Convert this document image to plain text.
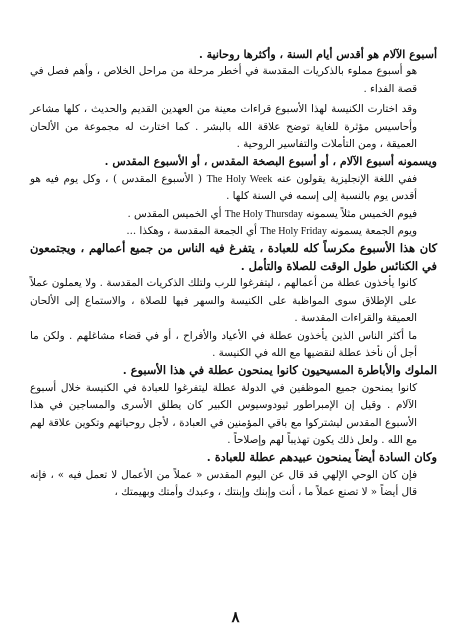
أسبوع الآلام هو أقدس أيام السنة ، وأكثرها روحانية .

هو أسبوع مملوء بالذكريات المقدسة في أخطر مرحلة من مراحل الخلاص ، وأهم فصل في قصة الفداء .

وقد اختارت الكنيسة لهذا الأسبوع قراءات معينة من العهدين القديم والحديث ، كلها مشاعر وأحاسيس مؤثرة للغاية توضح علاقة الله بالبشر . كما اختارت له مجموعة من الألحان العميقة ، ومن التأملات والتفاسير الروحية .

ويسمونه أسبوع الآلام ، أو أسبوع البصخة المقدس ، أو الأسبوع المقدس .

ففي اللغة الإنجليزية يقولون عنه The Holy Week ( الأسبوع المقدس ) ، وكل يوم فيه هو أقدس يوم بالنسبة إلى إسمه في السنة كلها .

فيوم الخميس مثلاً يسمونه The Holy Thursday أي الخميس المقدس .
ويوم الجمعة يسمونه The Holy Friday أي الجمعة المقدسة ، وهكذا ...

كان هذا الأسبوع مكرساً كله للعبادة ، يتفرغ فيه الناس من جميع أعمالهم ، ويجتمعون في الكنائس طول الوقت للصلاة والتأمل .

كانوا يأخذون عطلة من أعمالهم ، ليتفرغوا للرب ولتلك الذكريات المقدسة . ولا يعملون عملاً على الإطلاق سوى المواظبة على الكنيسة والسهر فيها للصلاة ، والاستماع إلى الألحان العميقة والقراءات المقدسة .

ما أكثر الناس الذين يأخذون عطلة في الأعياد والأفراح ، أو في قضاء مشاغلهم . ولكن ما أجل أن نأخذ عطلة لنقضيها مع الله في الكنيسة .

الملوك والأباطرة المسيحيون كانوا يمنحون عطلة في هذا الأسبوع .

كانوا يمنحون جميع الموظفين في الدولة عطلة ليتفرغوا للعبادة في الكنيسة خلال أسبوع الآلام . وقيل إن الإمبراطور ثيودوسيوس الكبير كان يطلق الأسرى والمساجين في هذا الأسبوع المقدس ليشتركوا مع باقي المؤمنين في العبادة ، لأجل روحياتهم وتكوين علاقة لهم مع الله . ولعل ذلك يكون تهذيباً لهم وإصلاحاً .

وكان السادة أيضاً يمنحون عبيدهم عطلة للعبادة .

فإن كان الوحي الإلهي قد قال عن اليوم المقدس « عملاً من الأعمال لا تعمل فيه » ، فإنه قال أيضاً « لا تصنع عملاً ما ، أنت وإبنك وإبنتك ، وعبدك وأمتك وبهيمتك ،

٨
